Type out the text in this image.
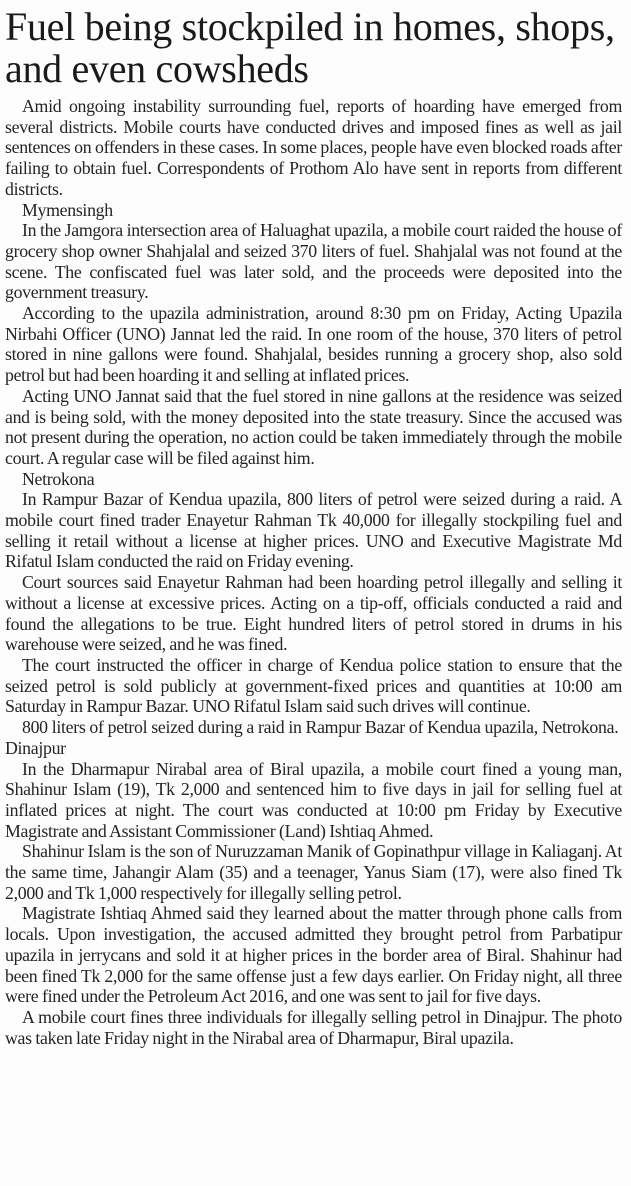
Fuel being stockpiled in homes, shops, and even cowsheds

Amid ongoing instability surrounding fuel, reports of hoarding have emerged from several districts. Mobile courts have conducted drives and imposed fines as well as jail sentences on offenders in these cases. In some places, people have even blocked roads after failing to obtain fuel. Correspondents of Prothom Alo have sent in reports from different districts.

Mymensingh

In the Jamgora intersection area of Haluaghat upazila, a mobile court raided the house of grocery shop owner Shahjalal and seized 370 liters of fuel. Shahjalal was not found at the scene. The confiscated fuel was later sold, and the proceeds were deposited into the government treasury.

According to the upazila administration, around 8:30 pm on Friday, Acting Upazila Nirbahi Officer (UNO) Jannat led the raid. In one room of the house, 370 liters of petrol stored in nine gallons were found. Shahjalal, besides running a grocery shop, also sold petrol but had been hoarding it and selling at inflated prices.

Acting UNO Jannat said that the fuel stored in nine gallons at the residence was seized and is being sold, with the money deposited into the state treasury. Since the accused was not present during the operation, no action could be taken immediately through the mobile court. A regular case will be filed against him.

Netrokona

In Rampur Bazar of Kendua upazila, 800 liters of petrol were seized during a raid. A mobile court fined trader Enayetur Rahman Tk 40,000 for illegally stockpiling fuel and selling it retail without a license at higher prices. UNO and Executive Magistrate Md Rifatul Islam conducted the raid on Friday evening.

Court sources said Enayetur Rahman had been hoarding petrol illegally and selling it without a license at excessive prices. Acting on a tip-off, officials conducted a raid and found the allegations to be true. Eight hundred liters of petrol stored in drums in his warehouse were seized, and he was fined.

The court instructed the officer in charge of Kendua police station to ensure that the seized petrol is sold publicly at government-fixed prices and quantities at 10:00 am Saturday in Rampur Bazar. UNO Rifatul Islam said such drives will continue.

800 liters of petrol seized during a raid in Rampur Bazar of Kendua upazila, Netrokona.  Dinajpur

In the Dharmapur Nirabal area of Biral upazila, a mobile court fined a young man, Shahinur Islam (19), Tk 2,000 and sentenced him to five days in jail for selling fuel at inflated prices at night. The court was conducted at 10:00 pm Friday by Executive Magistrate and Assistant Commissioner (Land) Ishtiaq Ahmed.

Shahinur Islam is the son of Nuruzzaman Manik of Gopinathpur village in Kaliaganj. At the same time, Jahangir Alam (35) and a teenager, Yanus Siam (17), were also fined Tk 2,000 and Tk 1,000 respectively for illegally selling petrol.

Magistrate Ishtiaq Ahmed said they learned about the matter through phone calls from locals. Upon investigation, the accused admitted they brought petrol from Parbatipur upazila in jerrycans and sold it at higher prices in the border area of Biral. Shahinur had been fined Tk 2,000 for the same offense just a few days earlier. On Friday night, all three were fined under the Petroleum Act 2016, and one was sent to jail for five days.

A mobile court fines three individuals for illegally selling petrol in Dinajpur. The photo was taken late Friday night in the Nirabal area of Dharmapur, Biral upazila.
